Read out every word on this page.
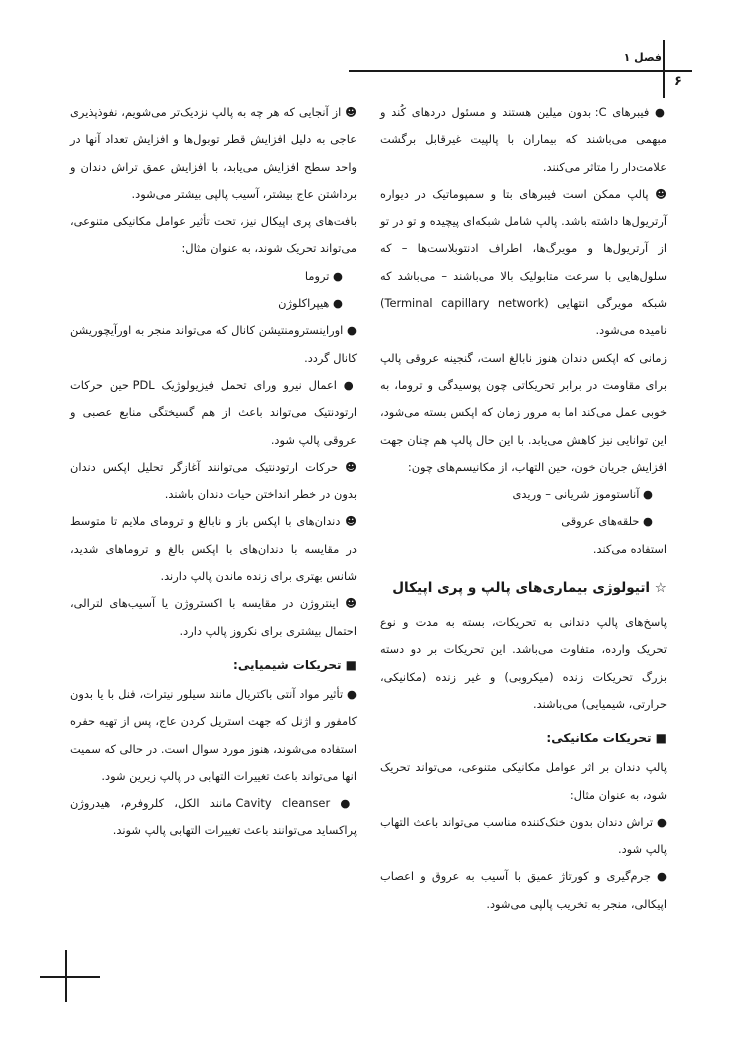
فصل ۱
۶

● فیبرهای C: بدون میلین هستند و مسئول دردهای کُند و مبهمی می‌باشند که بیماران با پالپیت غیرقابل برگشت علامت‌دار را متاثر می‌کنند.

☻ پالپ ممکن است فیبرهای بتا و سمپوماتیک در دیواره آرتریول‌ها داشته باشد. پالپ شامل شبکه‌ای پیچیده و تو در تو از آرتریول‌ها و مویرگ‌ها، اطراف ادنتوبلاست‌ها – که سلول‌هایی با سرعت متابولیک بالا می‌باشند – می‌باشد که شبکه مویرگی انتهایی (Terminal capillary network) نامیده می‌شود.

زمانی که اپکس دندان هنوز نابالغ است، گنجینه عروقی پالپ برای مقاومت در برابر تحریکاتی چون پوسیدگی و تروما، به خوبی عمل می‌کند اما به مرور زمان که اپکس بسته می‌شود، این توانایی نیز کاهش می‌یابد. با این حال پالپ هم چنان جهت افزایش جریان خون، حین التهاب، از مکانیسم‌های چون:

● آناستوموز شریانی – وریدی

● حلقه‌های عروقی

استفاده می‌کند.

☆ اتیولوژی بیماری‌های پالپ و پری اپیکال

پاسخ‌های پالپ دندانی به تحریکات، بسته به مدت و نوع تحریک وارده، متفاوت می‌باشد. این تحریکات بر دو دسته بزرگ تحریکات زنده (میکروبی) و غیر زنده (مکانیکی، حرارتی، شیمیایی) می‌باشند.

■ تحریکات مکانیکی:

پالپ دندان بر اثر عوامل مکانیکی متنوعی، می‌تواند تحریک شود، به عنوان مثال:

● تراش دندان بدون خنک‌کننده مناسب می‌تواند باعث التهاب پالپ شود.

● جرم‌گیری و کورتاژ عمیق با آسیب به عروق و اعصاب اپیکالی، منجر به تخریب پالپی می‌شود.

☻ از آنجایی که هر چه به پالپ نزدیک‌تر می‌شویم، نفوذپذیری عاجی به دلیل افزایش قطر توبول‌ها و افزایش تعداد آنها در واحد سطح افزایش می‌یابد، با افزایش عمق تراش دندان و برداشتن عاج بیشتر، آسیب پالپی بیشتر می‌شود.

بافت‌های پری اپیکال نیز، تحت تأثیر عوامل مکانیکی متنوعی، می‌تواند تحریک شوند، به عنوان مثال:

● تروما

● هیپراکلوژن

● اوراینسترومنتیشن کانال که می‌تواند منجر به اورآیچوریشن کانال گردد.

● اعمال نیرو ورای تحمل فیزیولوژیک PDL حین حرکات ارتودنتیک می‌تواند باعث از هم گسیختگی منابع عصبی و عروقی پالپ شود.

☻ حرکات ارتودنتیک می‌توانند آغازگر تحلیل اپکس دندان بدون در خطر انداختن حیات دندان باشند.

☻ دندان‌های با اپکس باز و نابالغ و ترومای ملایم تا متوسط در مقایسه با دندان‌های با اپکس بالغ و تروماهای شدید، شانس بهتری برای زنده ماندن پالپ دارند.

☻ اینتروژن در مقایسه با اکستروژن یا آسیب‌های لترالی، احتمال بیشتری برای نکروز پالپ دارد.

■ تحریکات شیمیایی:

● تأثیر مواد آنتی باکتریال مانند سیلور نیترات، فنل با یا بدون کامفور و اژنل که جهت استریل کردن عاج، پس از تهیه حفره استفاده می‌شوند، هنوز مورد سوال است. در حالی که سمیت انها می‌تواند باعث تغییرات التهابی در پالپ زیرین شود.

● Cavity cleanser مانند الکل، کلروفرم، هیدروژن پراکساید می‌توانند باعث تغییرات التهابی پالپ شوند.
